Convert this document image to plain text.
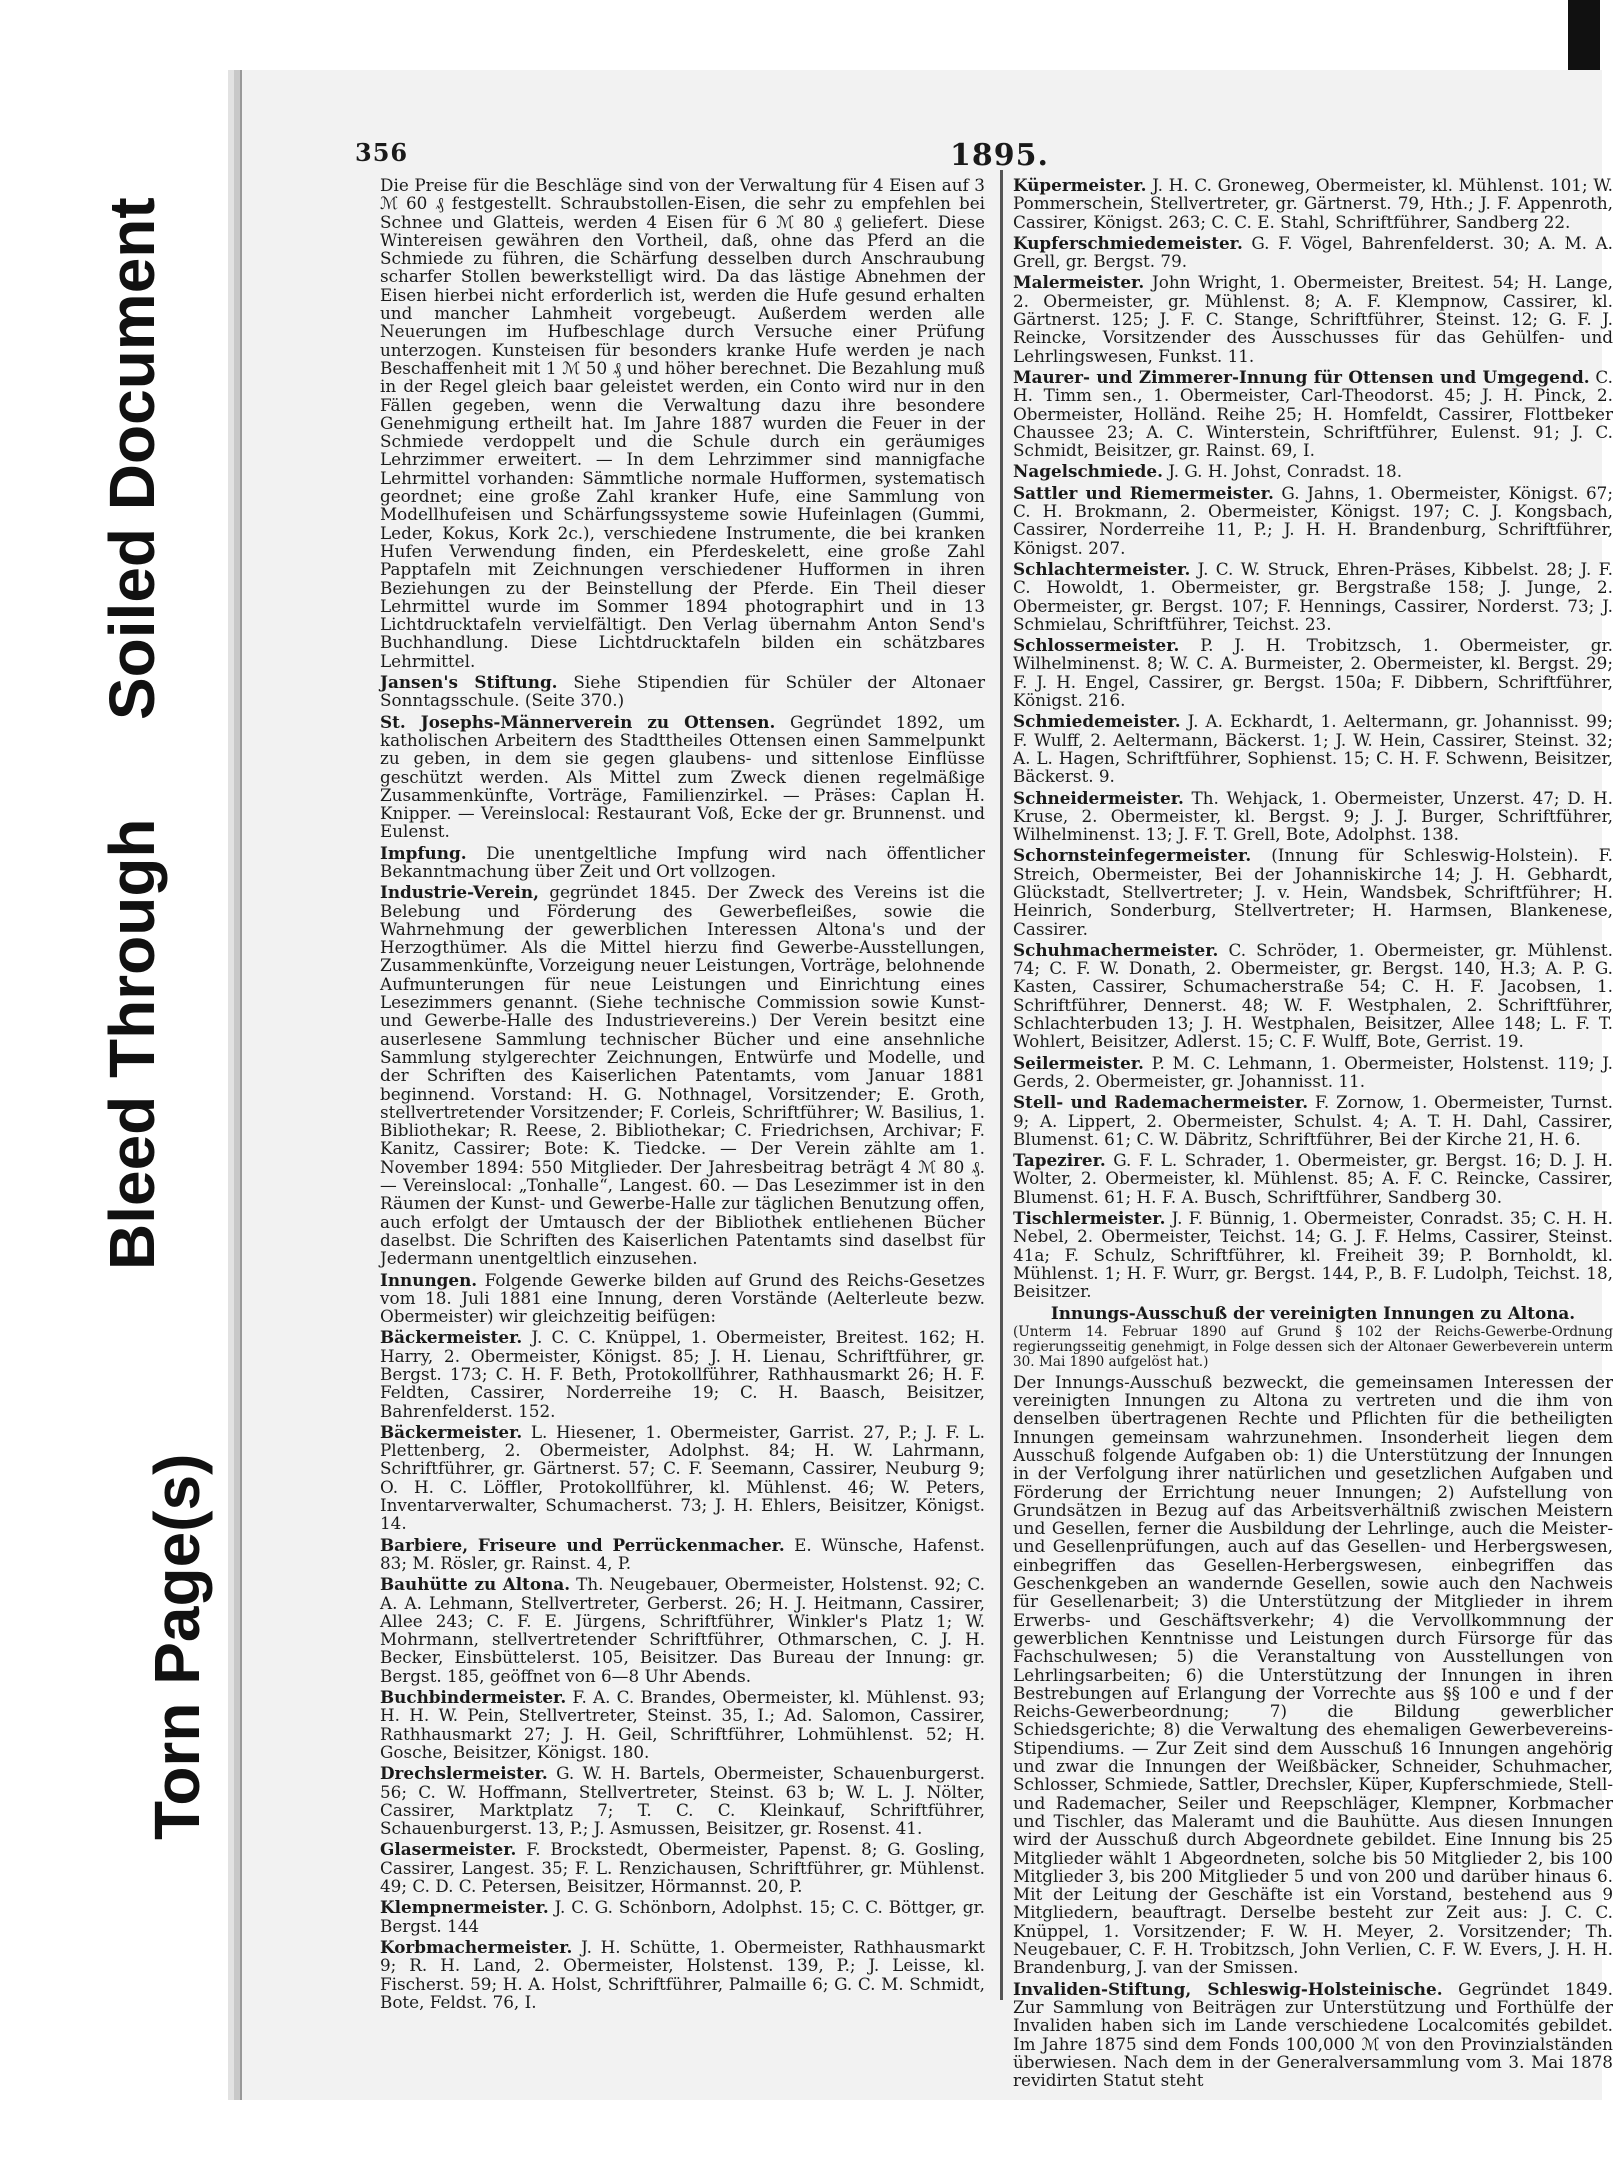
Soiled Document
Bleed Through
Torn Page(s)
356	1895.

Die Preise für die Beschläge sind von der Verwaltung für 4 Eisen auf 3 ℳ 60 ₰ festgestellt. Schraubstollen-Eisen, die sehr zu empfehlen bei Schnee und Glatteis, werden 4 Eisen für 6 ℳ 80 ₰ geliefert. Diese Wintereisen gewähren den Vortheil, daß, ohne das Pferd an die Schmiede zu führen, die Schärfung desselben durch Anschraubung scharfer Stollen bewerkstelligt wird. Da das lästige Abnehmen der Eisen hierbei nicht erforderlich ist, werden die Hufe gesund erhalten und mancher Lahmheit vorgebeugt. Außerdem werden alle Neuerungen im Hufbeschlage durch Versuche einer Prüfung unterzogen. Kunsteisen für besonders kranke Hufe werden je nach Beschaffenheit mit 1 ℳ 50 ₰ und höher berechnet. Die Bezahlung muß in der Regel gleich baar geleistet werden, ein Conto wird nur in den Fällen gegeben, wenn die Verwaltung dazu ihre besondere Genehmigung ertheilt hat. Im Jahre 1887 wurden die Feuer in der Schmiede verdoppelt und die Schule durch ein geräumiges Lehrzimmer erweitert. — In dem Lehrzimmer sind mannigfache Lehrmittel vorhanden: Sämmtliche normale Hufformen, systematisch geordnet; eine große Zahl kranker Hufe, eine Sammlung von Modellhufeisen und Schärfungssysteme sowie Hufeinlagen (Gummi, Leder, Kokus, Kork 2c.), verschiedene Instrumente, die bei kranken Hufen Verwendung finden, ein Pferdeskelett, eine große Zahl Papptafeln mit Zeichnungen verschiedener Hufformen in ihren Beziehungen zu der Beinstellung der Pferde. Ein Theil dieser Lehrmittel wurde im Sommer 1894 photographirt und in 13 Lichtdrucktafeln vervielfältigt. Den Verlag übernahm Anton Send's Buchhandlung. Diese Lichtdrucktafeln bilden ein schätzbares Lehrmittel.

Jansen's Stiftung. Siehe Stipendien für Schüler der Altonaer Sonntagsschule. (Seite 370.)

St. Josephs-Männerverein zu Ottensen. Gegründet 1892, um katholischen Arbeitern des Stadttheiles Ottensen einen Sammelpunkt zu geben, in dem sie gegen glaubens- und sittenlose Einflüsse geschützt werden. Als Mittel zum Zweck dienen regelmäßige Zusammenkünfte, Vorträge, Familienzirkel. — Präses: Caplan H. Knipper. — Vereinslocal: Restaurant Voß, Ecke der gr. Brunnenst. und Eulenst.

Impfung. Die unentgeltliche Impfung wird nach öffentlicher Bekanntmachung über Zeit und Ort vollzogen.

Industrie-Verein, gegründet 1845. Der Zweck des Vereins ist die Belebung und Förderung des Gewerbefleißes, sowie die Wahrnehmung der gewerblichen Interessen Altona's und der Herzogthümer. Als die Mittel hierzu find Gewerbe-Ausstellungen, Zusammenkünfte, Vorzeigung neuer Leistungen, Vorträge, belohnende Aufmunterungen für neue Leistungen und Einrichtung eines Lesezimmers genannt. (Siehe technische Commission sowie Kunst- und Gewerbe-Halle des Industrievereins.) Der Verein besitzt eine auserlesene Sammlung technischer Bücher und eine ansehnliche Sammlung stylgerechter Zeichnungen, Entwürfe und Modelle, und der Schriften des Kaiserlichen Patentamts, vom Januar 1881 beginnend. Vorstand: H. G. Nothnagel, Vorsitzender; E. Groth, stellvertretender Vorsitzender; F. Corleis, Schriftführer; W. Basilius, 1. Bibliothekar; R. Reese, 2. Bibliothekar; C. Friedrichsen, Archivar; F. Kanitz, Cassirer; Bote: K. Tiedcke. — Der Verein zählte am 1. November 1894: 550 Mitglieder. Der Jahresbeitrag beträgt 4 ℳ 80 ₰. — Vereinslocal: „Tonhalle“, Langest. 60. — Das Lesezimmer ist in den Räumen der Kunst- und Gewerbe-Halle zur täglichen Benutzung offen, auch erfolgt der Umtausch der der Bibliothek entliehenen Bücher daselbst. Die Schriften des Kaiserlichen Patentamts sind daselbst für Jedermann unentgeltlich einzusehen.

Innungen. Folgende Gewerke bilden auf Grund des Reichs-Gesetzes vom 18. Juli 1881 eine Innung, deren Vorstände (Aelterleute bezw. Obermeister) wir gleichzeitig beifügen:

Bäckermeister. J. C. C. Knüppel, 1. Obermeister, Breitest. 162; H. Harry, 2. Obermeister, Königst. 85; J. H. Lienau, Schriftführer, gr. Bergst. 173; C. H. F. Beth, Protokollführer, Rathhausmarkt 26; H. F. Feldten, Cassirer, Norderreihe 19; C. H. Baasch, Beisitzer, Bahrenfelderst. 152.

Bäckermeister. L. Hiesener, 1. Obermeister, Garrist. 27, P.; J. F. L. Plettenberg, 2. Obermeister, Adolphst. 84; H. W. Lahrmann, Schriftführer, gr. Gärtnerst. 57; C. F. Seemann, Cassirer, Neuburg 9; O. H. C. Löffler, Protokollführer, kl. Mühlenst. 46; W. Peters, Inventarverwalter, Schumacherst. 73; J. H. Ehlers, Beisitzer, Königst. 14.

Barbiere, Friseure und Perrückenmacher. E. Wünsche, Hafenst. 83; M. Rösler, gr. Rainst. 4, P.

Bauhütte zu Altona. Th. Neugebauer, Obermeister, Holstenst. 92; C. A. A. Lehmann, Stellvertreter, Gerberst. 26; H. J. Heitmann, Cassirer, Allee 243; C. F. E. Jürgens, Schriftführer, Winkler's Platz 1; W. Mohrmann, stellvertretender Schriftführer, Othmarschen, C. J. H. Becker, Einsbüttelerst. 105, Beisitzer. Das Bureau der Innung: gr. Bergst. 185, geöffnet von 6—8 Uhr Abends.

Buchbindermeister. F. A. C. Brandes, Obermeister, kl. Mühlenst. 93; H. H. W. Pein, Stellvertreter, Steinst. 35, I.; Ad. Salomon, Cassirer, Rathhausmarkt 27; J. H. Geil, Schriftführer, Lohmühlenst. 52; H. Gosche, Beisitzer, Königst. 180.

Drechslermeister. G. W. H. Bartels, Obermeister, Schauenburgerst. 56; C. W. Hoffmann, Stellvertreter, Steinst. 63 b; W. L. J. Nölter, Cassirer, Marktplatz 7; T. C. C. Kleinkauf, Schriftführer, Schauenburgerst. 13, P.; J. Asmussen, Beisitzer, gr. Rosenst. 41.

Glasermeister. F. Brockstedt, Obermeister, Papenst. 8; G. Gosling, Cassirer, Langest. 35; F. L. Renzichausen, Schriftführer, gr. Mühlenst. 49; C. D. C. Petersen, Beisitzer, Hörmannst. 20, P.

Klempnermeister. J. C. G. Schönborn, Adolphst. 15; C. C. Böttger, gr. Bergst. 144

Korbmachermeister. J. H. Schütte, 1. Obermeister, Rathhausmarkt 9; R. H. Land, 2. Obermeister, Holstenst. 139, P.; J. Leisse, kl. Fischerst. 59; H. A. Holst, Schriftführer, Palmaille 6; G. C. M. Schmidt, Bote, Feldst. 76, I.

Küpermeister. J. H. C. Groneweg, Obermeister, kl. Mühlenst. 101; W. Pommerschein, Stellvertreter, gr. Gärtnerst. 79, Hth.; J. F. Appenroth, Cassirer, Königst. 263; C. C. E. Stahl, Schriftführer, Sandberg 22.

Kupferschmiedemeister. G. F. Vögel, Bahrenfelderst. 30; A. M. A. Grell, gr. Bergst. 79.

Malermeister. John Wright, 1. Obermeister, Breitest. 54; H. Lange, 2. Obermeister, gr. Mühlenst. 8; A. F. Klempnow, Cassirer, kl. Gärtnerst. 125; J. F. C. Stange, Schriftführer, Steinst. 12; G. F. J. Reincke, Vorsitzender des Ausschusses für das Gehülfen- und Lehrlingswesen, Funkst. 11.

Maurer- und Zimmerer-Innung für Ottensen und Umgegend. C. H. Timm sen., 1. Obermeister, Carl-Theodorst. 45; J. H. Pinck, 2. Obermeister, Holländ. Reihe 25; H. Homfeldt, Cassirer, Flottbeker Chaussee 23; A. C. Winterstein, Schriftführer, Eulenst. 91; J. C. Schmidt, Beisitzer, gr. Rainst. 69, I.

Nagelschmiede. J. G. H. Johst, Conradst. 18.

Sattler und Riemermeister. G. Jahns, 1. Obermeister, Königst. 67; C. H. Brokmann, 2. Obermeister, Königst. 197; C. J. Kongsbach, Cassirer, Norderreihe 11, P.; J. H. H. Brandenburg, Schriftführer, Königst. 207.

Schlachtermeister. J. C. W. Struck, Ehren-Präses, Kibbelst. 28; J. F. C. Howoldt, 1. Obermeister, gr. Bergstraße 158; J. Junge, 2. Obermeister, gr. Bergst. 107; F. Hennings, Cassirer, Norderst. 73; J. Schmielau, Schriftführer, Teichst. 23.

Schlossermeister. P. J. H. Trobitzsch, 1. Obermeister, gr. Wilhelminenst. 8; W. C. A. Burmeister, 2. Obermeister, kl. Bergst. 29; F. J. H. Engel, Cassirer, gr. Bergst. 150a; F. Dibbern, Schriftführer, Königst. 216.

Schmiedemeister. J. A. Eckhardt, 1. Aeltermann, gr. Johannisst. 99; F. Wulff, 2. Aeltermann, Bäckerst. 1; J. W. Hein, Cassirer, Steinst. 32; A. L. Hagen, Schriftführer, Sophienst. 15; C. H. F. Schwenn, Beisitzer, Bäckerst. 9.

Schneidermeister. Th. Wehjack, 1. Obermeister, Unzerst. 47; D. H. Kruse, 2. Obermeister, kl. Bergst. 9; J. J. Burger, Schriftführer, Wilhelminenst. 13; J. F. T. Grell, Bote, Adolphst. 138.

Schornsteinfegermeister. (Innung für Schleswig-Holstein). F. Streich, Obermeister, Bei der Johanniskirche 14; J. H. Gebhardt, Glückstadt, Stellvertreter; J. v. Hein, Wandsbek, Schriftführer; H. Heinrich, Sonderburg, Stellvertreter; H. Harmsen, Blankenese, Cassirer.

Schuhmachermeister. C. Schröder, 1. Obermeister, gr. Mühlenst. 74; C. F. W. Donath, 2. Obermeister, gr. Bergst. 140, H.3; A. P. G. Kasten, Cassirer, Schumacherstraße 54; C. H. F. Jacobsen, 1. Schriftführer, Dennerst. 48; W. F. Westphalen, 2. Schriftführer, Schlachterbuden 13; J. H. Westphalen, Beisitzer, Allee 148; L. F. T. Wohlert, Beisitzer, Adlerst. 15; C. F. Wulff, Bote, Gerrist. 19.

Seilermeister. P. M. C. Lehmann, 1. Obermeister, Holstenst. 119; J. Gerds, 2. Obermeister, gr. Johannisst. 11.

Stell- und Rademachermeister. F. Zornow, 1. Obermeister, Turnst. 9; A. Lippert, 2. Obermeister, Schulst. 4; A. T. H. Dahl, Cassirer, Blumenst. 61; C. W. Däbritz, Schriftführer, Bei der Kirche 21, H. 6.

Tapezirer. G. F. L. Schrader, 1. Obermeister, gr. Bergst. 16; D. J. H. Wolter, 2. Obermeister, kl. Mühlenst. 85; A. F. C. Reincke, Cassirer, Blumenst. 61; H. F. A. Busch, Schriftführer, Sandberg 30.

Tischlermeister. J. F. Bünnig, 1. Obermeister, Conradst. 35; C. H. H. Nebel, 2. Obermeister, Teichst. 14; G. J. F. Helms, Cassirer, Steinst. 41a; F. Schulz, Schriftführer, kl. Freiheit 39; P. Bornholdt, kl. Mühlenst. 1; H. F. Wurr, gr. Bergst. 144, P., B. F. Ludolph, Teichst. 18, Beisitzer.

Innungs-Ausschuß der vereinigten Innungen zu Altona.

(Unterm 14. Februar 1890 auf Grund § 102 der Reichs-Gewerbe-Ordnung regierungsseitig genehmigt, in Folge dessen sich der Altonaer Gewerbeverein unterm 30. Mai 1890 aufgelöst hat.)

Der Innungs-Ausschuß bezweckt, die gemeinsamen Interessen der vereinigten Innungen zu Altona zu vertreten und die ihm von denselben übertragenen Rechte und Pflichten für die betheiligten Innungen gemeinsam wahrzunehmen. Insonderheit liegen dem Ausschuß folgende Aufgaben ob: 1) die Unterstützung der Innungen in der Verfolgung ihrer natürlichen und gesetzlichen Aufgaben und Förderung der Errichtung neuer Innungen; 2) Aufstellung von Grundsätzen in Bezug auf das Arbeitsverhältniß zwischen Meistern und Gesellen, ferner die Ausbildung der Lehrlinge, auch die Meister- und Gesellenprüfungen, auch auf das Gesellen- und Herbergswesen, einbegriffen das Gesellen-Herbergswesen, einbegriffen das Geschenkgeben an wandernde Gesellen, sowie auch den Nachweis für Gesellenarbeit; 3) die Unterstützung der Mitglieder in ihrem Erwerbs- und Geschäftsverkehr; 4) die Vervollkommnung der gewerblichen Kenntnisse und Leistungen durch Fürsorge für das Fachschulwesen; 5) die Veranstaltung von Ausstellungen von Lehrlingsarbeiten; 6) die Unterstützung der Innungen in ihren Bestrebungen auf Erlangung der Vorrechte aus §§ 100 e und f der Reichs-Gewerbeordnung; 7) die Bildung gewerblicher Schiedsgerichte; 8) die Verwaltung des ehemaligen Gewerbevereins-Stipendiums. — Zur Zeit sind dem Ausschuß 16 Innungen angehörig und zwar die Innungen der Weißbäcker, Schneider, Schuhmacher, Schlosser, Schmiede, Sattler, Drechsler, Küper, Kupferschmiede, Stell- und Rademacher, Seiler und Reepschläger, Klempner, Korbmacher und Tischler, das Maleramt und die Bauhütte. Aus diesen Innungen wird der Ausschuß durch Abgeordnete gebildet. Eine Innung bis 25 Mitglieder wählt 1 Abgeordneten, solche bis 50 Mitglieder 2, bis 100 Mitglieder 3, bis 200 Mitglieder 5 und von 200 und darüber hinaus 6. Mit der Leitung der Geschäfte ist ein Vorstand, bestehend aus 9 Mitgliedern, beauftragt. Derselbe besteht zur Zeit aus: J. C. C. Knüppel, 1. Vorsitzender; F. W. H. Meyer, 2. Vorsitzender; Th. Neugebauer, C. F. H. Trobitzsch, John Verlien, C. F. W. Evers, J. H. H. Brandenburg, J. van der Smissen.

Invaliden-Stiftung, Schleswig-Holsteinische. Gegründet 1849. Zur Sammlung von Beiträgen zur Unterstützung und Forthülfe der Invaliden haben sich im Lande verschiedene Localcomités gebildet. Im Jahre 1875 sind dem Fonds 100,000 ℳ von den Provinzialständen überwiesen. Nach dem in der Generalversammlung vom 3. Mai 1878 revidirten Statut steht
